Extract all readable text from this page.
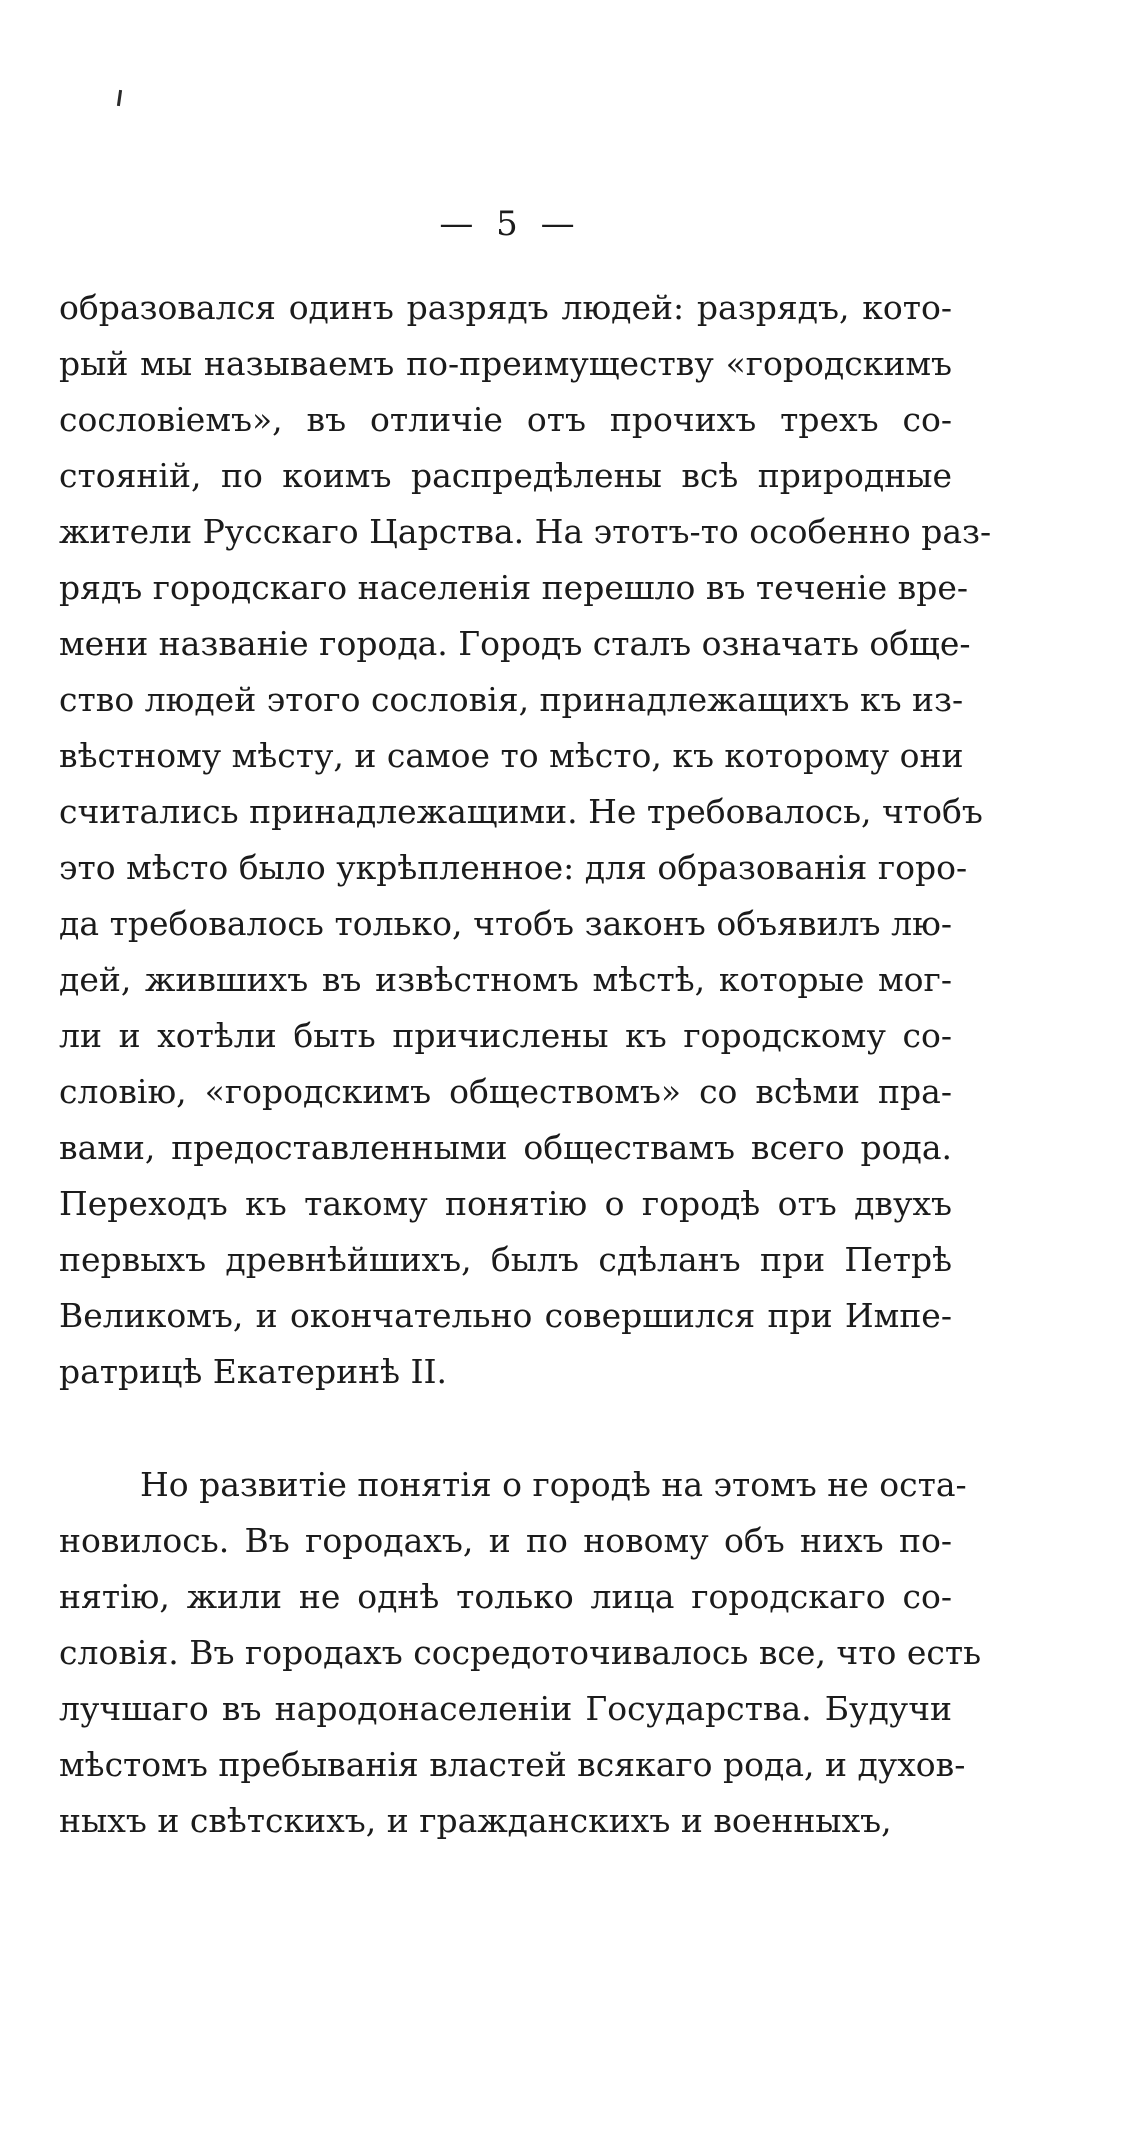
— 5 —
образовался одинъ разрядъ людей: разрядъ, кото-
рый мы называемъ по-преимуществу «городскимъ
сословіемъ», въ отличіе отъ прочихъ трехъ со-
стояній, по коимъ распредѣлены всѣ природные
жители Русскаго Царства. На этотъ-то особенно раз-
рядъ городскаго населенія перешло въ теченіе вре-
мени названіе города. Городъ сталъ означать обще-
ство людей этого сословія, принадлежащихъ къ из-
вѣстному мѣсту, и самое то мѣсто, къ которому они
считались принадлежащими. Не требовалось, чтобъ
это мѣсто было укрѣпленное: для образованія горо-
да требовалось только, чтобъ законъ объявилъ лю-
дей, жившихъ въ извѣстномъ мѣстѣ, которые мог-
ли и хотѣли быть причислены къ городскому со-
словію, «городскимъ обществомъ» со всѣми пра-
вами, предоставленными обществамъ всего рода.
Переходъ къ такому понятію о городѣ отъ двухъ
первыхъ древнѣйшихъ, былъ сдѣланъ при Петрѣ
Великомъ, и окончательно совершился при Импе-
ратрицѣ Екатеринѣ II.
Но развитіе понятія о городѣ на этомъ не оста-
новилось. Въ городахъ, и по новому объ нихъ по-
нятію, жили не однѣ только лица городскаго со-
словія. Въ городахъ сосредоточивалось все, что есть
лучшаго въ народонаселеніи Государства. Будучи
мѣстомъ пребыванія властей всякаго рода, и духов-
ныхъ и свѣтскихъ, и гражданскихъ и военныхъ,
